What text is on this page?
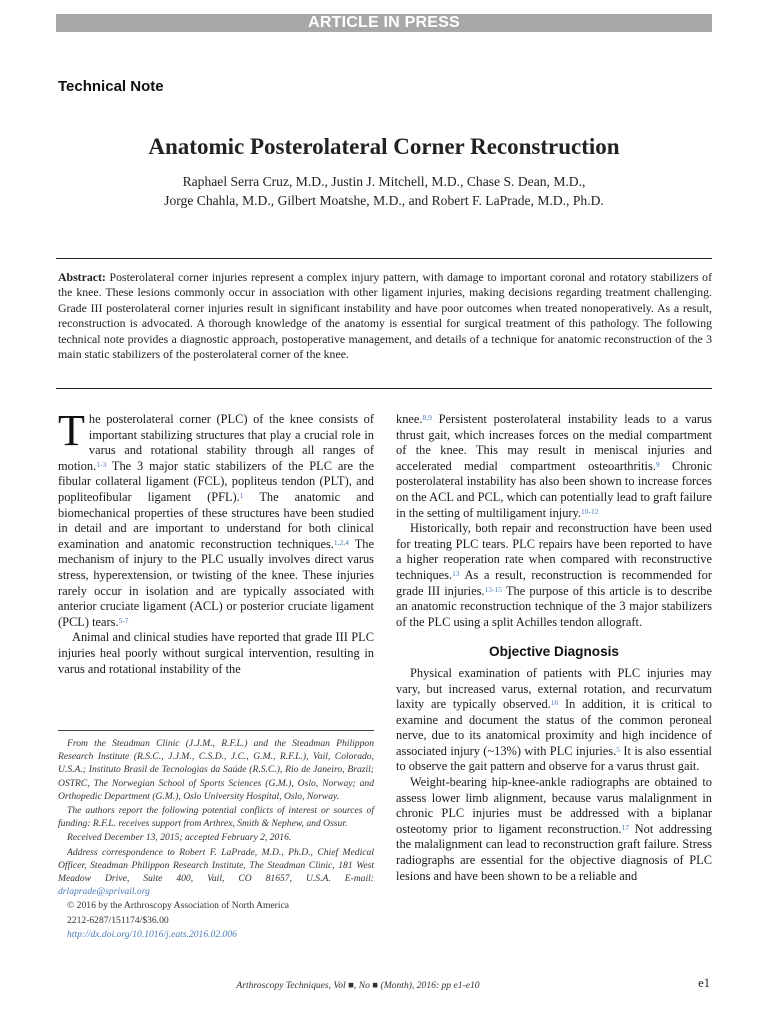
ARTICLE IN PRESS
Technical Note
Anatomic Posterolateral Corner Reconstruction
Raphael Serra Cruz, M.D., Justin J. Mitchell, M.D., Chase S. Dean, M.D.,
Jorge Chahla, M.D., Gilbert Moatshe, M.D., and Robert F. LaPrade, M.D., Ph.D.
Abstract: Posterolateral corner injuries represent a complex injury pattern, with damage to important coronal and rotatory stabilizers of the knee. These lesions commonly occur in association with other ligament injuries, making decisions regarding treatment challenging. Grade III posterolateral corner injuries result in significant instability and have poor outcomes when treated nonoperatively. As a result, reconstruction is advocated. A thorough knowledge of the anatomy is essential for surgical treatment of this pathology. The following technical note provides a diagnostic approach, postoperative management, and details of a technique for anatomic reconstruction of the 3 main static stabilizers of the posterolateral corner of the knee.

The posterolateral corner (PLC) of the knee consists of important stabilizing structures that play a crucial role in varus and rotational stability through all ranges of motion.$^{1-3}$ The 3 major static stabilizers of the PLC are the fibular collateral ligament (FCL), popliteus tendon (PLT), and popliteofibular ligament (PFL).$^1$ The anatomic and biomechanical properties of these structures have been studied in detail and are important to understand for both clinical examination and anatomic reconstruction techniques.$^{1,2,4}$ The mechanism of injury to the PLC usually involves direct varus stress, hyperextension, or twisting of the knee. These injuries rarely occur in isolation and are typically associated with anterior cruciate ligament (ACL) or posterior cruciate ligament (PCL) tears.$^{5-7}$

Animal and clinical studies have reported that grade III PLC injuries heal poorly without surgical intervention, resulting in varus and rotational instability of the

From the Steadman Clinic (J.J.M., R.F.L.) and the Steadman Philippon Research Institute (R.S.C., J.J.M., C.S.D., J.C., G.M., R.F.L.), Vail, Colorado, U.S.A.; Instituto Brasil de Tecnologias da Saúde (R.S.C.), Rio de Janeiro, Brazil; OSTRC, The Norwegian School of Sports Sciences (G.M.), Oslo, Norway; and Orthopedic Department (G.M.), Oslo University Hospital, Oslo, Norway.

The authors report the following potential conflicts of interest or sources of funding: R.F.L. receives support from Arthrex, Smith & Nephew, and Ossur.

Received December 13, 2015; accepted February 2, 2016.

Address correspondence to Robert F. LaPrade, M.D., Ph.D., Chief Medical Officer, Steadman Philippon Research Institute, The Steadman Clinic, 181 West Meadow Drive, Suite 400, Vail, CO 81657, U.S.A. E-mail: drlaprade@sprivail.org

© 2016 by the Arthroscopy Association of North America

2212-6287/151174/$36.00

http://dx.doi.org/10.1016/j.eats.2016.02.006

knee.$^{8,9}$ Persistent posterolateral instability leads to a varus thrust gait, which increases forces on the medial compartment of the knee. This may result in meniscal injuries and accelerated medial compartment osteoarthritis.$^9$ Chronic posterolateral instability has also been shown to increase forces on the ACL and PCL, which can potentially lead to graft failure in the setting of multiligament injury.$^{10-12}$

Historically, both repair and reconstruction have been used for treating PLC tears. PLC repairs have been reported to have a higher reoperation rate when compared with reconstructive techniques.$^{13}$ As a result, reconstruction is recommended for grade III injuries.$^{13-15}$ The purpose of this article is to describe an anatomic reconstruction technique of the 3 major stabilizers of the PLC using a split Achilles tendon allograft.

Objective Diagnosis

Physical examination of patients with PLC injuries may vary, but increased varus, external rotation, and recurvatum laxity are typically observed.$^{16}$ In addition, it is critical to examine and document the status of the common peroneal nerve, due to its anatomical proximity and high incidence of associated injury (~13%) with PLC injuries.$^5$ It is also essential to observe the gait pattern and observe for a varus thrust gait.

Weight-bearing hip-knee-ankle radiographs are obtained to assess lower limb alignment, because varus malalignment in chronic PLC injuries must be addressed with a biplanar osteotomy prior to ligament reconstruction.$^{17}$ Not addressing the malalignment can lead to reconstruction graft failure. Stress radiographs are essential for the objective diagnosis of PLC lesions and have been shown to be a reliable and

Arthroscopy Techniques, Vol ■, No ■ (Month), 2016: pp e1-e10	e1
